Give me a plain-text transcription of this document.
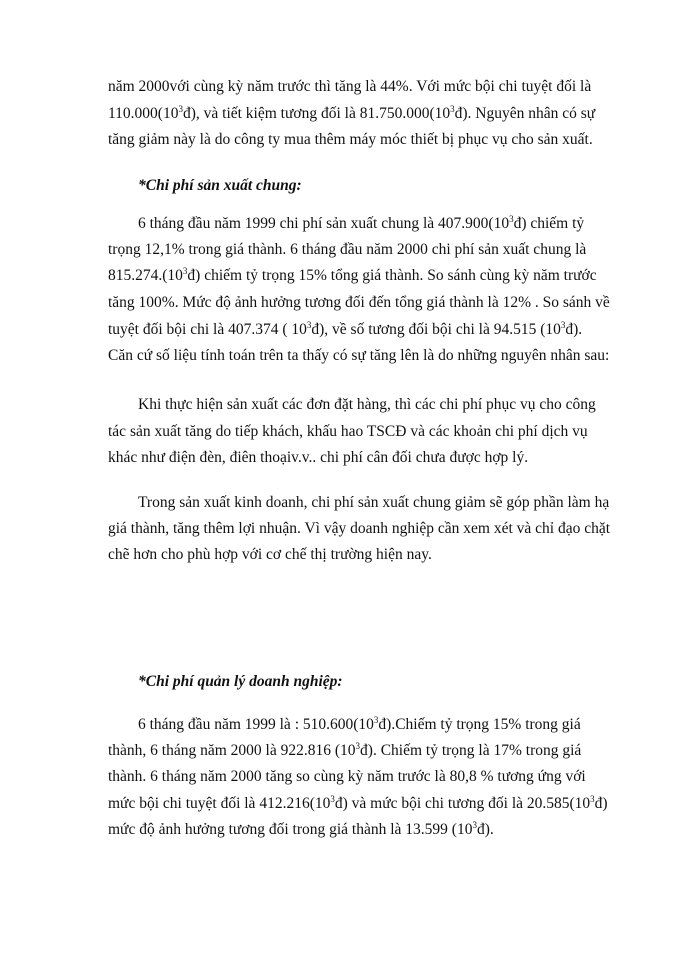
năm 2000với cùng kỳ năm trước thì tăng là 44%. Với mức bội chi tuyệt đối là
$110.000(10^3đ)$, và tiết kiệm tương đối là $81.750.000(10^3đ)$. Nguyên nhân có sự
tăng giảm này là do công ty mua thêm máy móc thiết bị phục vụ cho sản xuất.
*Chi phí sản xuất chung:
6 tháng đầu năm 1999 chi phí sản xuất chung là $407.900(10^3đ)$ chiếm tỷ
trọng 12,1% trong giá thành. 6 tháng đầu năm 2000 chi phí sản xuất chung là
$815.274.(10^3đ)$ chiếm tỷ trọng 15% tổng giá thành. So sánh cùng kỳ năm trước
tăng 100%. Mức độ ảnh hưởng tương đối đến tổng giá thành là 12% . So sánh về
tuyệt đối bội chi là 407.374 ( $10^3đ$), về số tương đối bội chi là 94.515 $(10^3đ)$.
Căn cứ số liệu tính toán trên ta thấy có sự tăng lên là do những nguyên nhân sau:
Khi thực hiện sản xuất các đơn đặt hàng, thì các chi phí phục vụ cho công
tác sản xuất tăng do tiếp khách, khấu hao TSCĐ và các khoản chi phí dịch vụ
khác như điện đèn, điên thoạiv.v.. chi phí cân đối chưa được hợp lý.
Trong sản xuất kinh doanh, chi phí sản xuất chung giảm sẽ góp phần làm hạ
giá thành, tăng thêm lợi nhuận. Vì vậy doanh nghiệp cần xem xét và chỉ đạo chặt
chẽ hơn cho phù hợp với cơ chế thị trường hiện nay.
*Chi phí quản lý doanh nghiệp:
6 tháng đầu năm 1999 là : $510.600(10^3đ).Chiếm$ tỷ trọng 15% trong giá
thành, 6 tháng năm 2000 là 922.816 $(10^3đ)$. Chiếm tỷ trọng là 17% trong giá
thành. 6 tháng năm 2000 tăng so cùng kỳ năm trước là 80,8 % tương ứng với
mức bội chi tuyệt đối là $412.216(10^3đ)$ và mức bội chi tương đối là $20.585(10^3đ)$
mức độ ảnh hưởng tương đối trong giá thành là 13.599 $(10^3đ)$.
